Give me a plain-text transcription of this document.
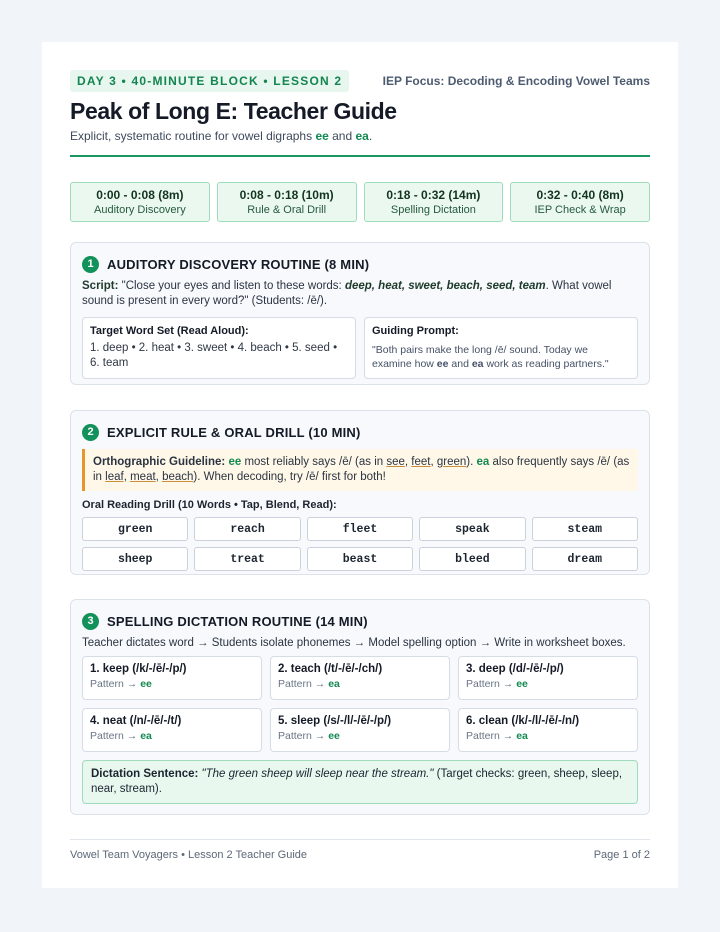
DAY 3 • 40-MINUTE BLOCK • LESSON 2	IEP Focus: Decoding & Encoding Vowel Teams
Peak of Long E: Teacher Guide
Explicit, systematic routine for vowel digraphs ee and ea.
0:00 - 0:08 (8m)
Auditory Discovery
0:08 - 0:18 (10m)
Rule & Oral Drill
0:18 - 0:32 (14m)
Spelling Dictation
0:32 - 0:40 (8m)
IEP Check & Wrap
1	AUDITORY DISCOVERY ROUTINE (8 MIN)
Script: "Close your eyes and listen to these words: deep, heat, sweet, beach, seed, team. What vowel sound is present in every word?" (Students: /ē/).
Target Word Set (Read Aloud):
1. deep • 2. heat • 3. sweet • 4. beach • 5. seed • 6. team
Guiding Prompt:
"Both pairs make the long /ē/ sound. Today we examine how ee and ea work as reading partners."
2	EXPLICIT RULE & ORAL DRILL (10 MIN)
Orthographic Guideline: ee most reliably says /ē/ (as in see, feet, green). ea also frequently says /ē/ (as in leaf, meat, beach). When decoding, try /ē/ first for both!
Oral Reading Drill (10 Words • Tap, Blend, Read):
green	reach	fleet	speak	steam
sheep	treat	beast	bleed	dream
3	SPELLING DICTATION ROUTINE (14 MIN)
Teacher dictates word → Students isolate phonemes → Model spelling option → Write in worksheet boxes.
1. keep (/k/-/ē/-/p/)
Pattern → ee
2. teach (/t/-/ē/-/ch/)
Pattern → ea
3. deep (/d/-/ē/-/p/)
Pattern → ee
4. neat (/n/-/ē/-/t/)
Pattern → ea
5. sleep (/s/-/l/-/ē/-/p/)
Pattern → ee
6. clean (/k/-/l/-/ē/-/n/)
Pattern → ea
Dictation Sentence: "The green sheep will sleep near the stream." (Target checks: green, sheep, sleep, near, stream).
Vowel Team Voyagers • Lesson 2 Teacher Guide	Page 1 of 2
